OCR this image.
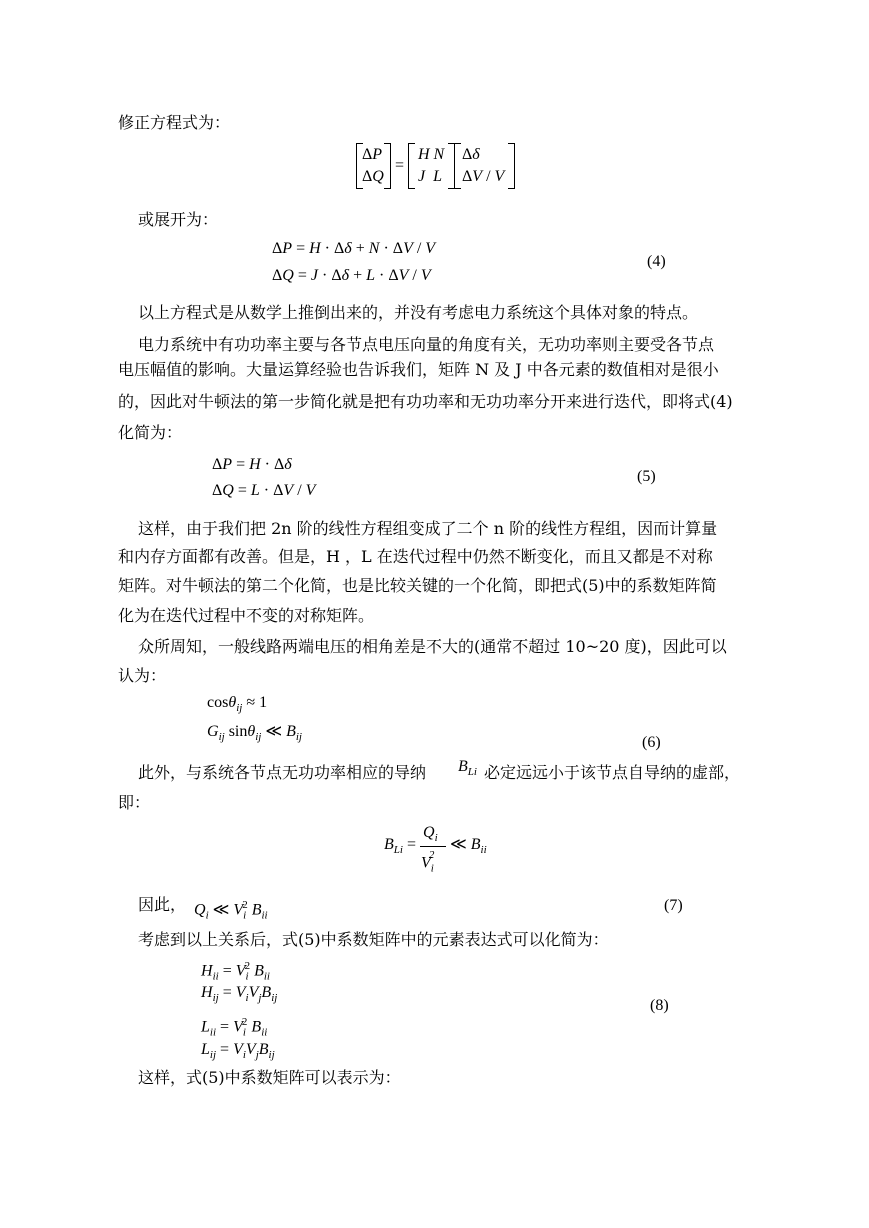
修正方程式为：
ΔP
ΔQ
=
H N
J  L
Δδ
ΔV / V
或展开为：
ΔP = H · Δδ + N · ΔV / V
ΔQ = J · Δδ + L · ΔV / V
(4)
以上方程式是从数学上推倒出来的，并没有考虑电力系统这个具体对象的特点。
电力系统中有功功率主要与各节点电压向量的角度有关，无功功率则主要受各节点
电压幅值的影响。大量运算经验也告诉我们，矩阵 N 及 J 中各元素的数值相对是很小
的，因此对牛顿法的第一步简化就是把有功功率和无功功率分开来进行迭代，即将式(4)
化简为：
ΔP = H · Δδ
ΔQ = L · ΔV / V
(5)
这样，由于我们把 2n 阶的线性方程组变成了二个 n 阶的线性方程组，因而计算量
和内存方面都有改善。但是，H ，L 在迭代过程中仍然不断变化，而且又都是不对称
矩阵。对牛顿法的第二个化简，也是比较关键的一个化简，即把式(5)中的系数矩阵简
化为在迭代过程中不变的对称矩阵。
众所周知，一般线路两端电压的相角差是不大的(通常不超过 10~20 度)，因此可以
认为：
cosθ$_{ij}$ ≈ 1
$G_{ij}$ sinθ$_{ij}$ ≪ $B_{ij}$	(6)
此外，与系统各节点无功功率相应的导纳 $B_{Li}$ 必定远远小于该节点自导纳的虚部，
即：
$B_{Li}$ =
$Q_i$
$V_i^2$
≪ $B_{ii}$
因此， $Q_i$ ≪ $V_i^2$ $B_{ii}$
(7)
考虑到以上关系后，式(5)中系数矩阵中的元素表达式可以化简为：
$H_{ii} = V_i^2$ $B_{ii}$
$H_{ij} = V_iV_jB_{ij}$
$L_{ii} = V_i^2$ $B_{ii}$
$L_{ij} = V_iV_jB_{ij}$
(8)
这样，式(5)中系数矩阵可以表示为：
